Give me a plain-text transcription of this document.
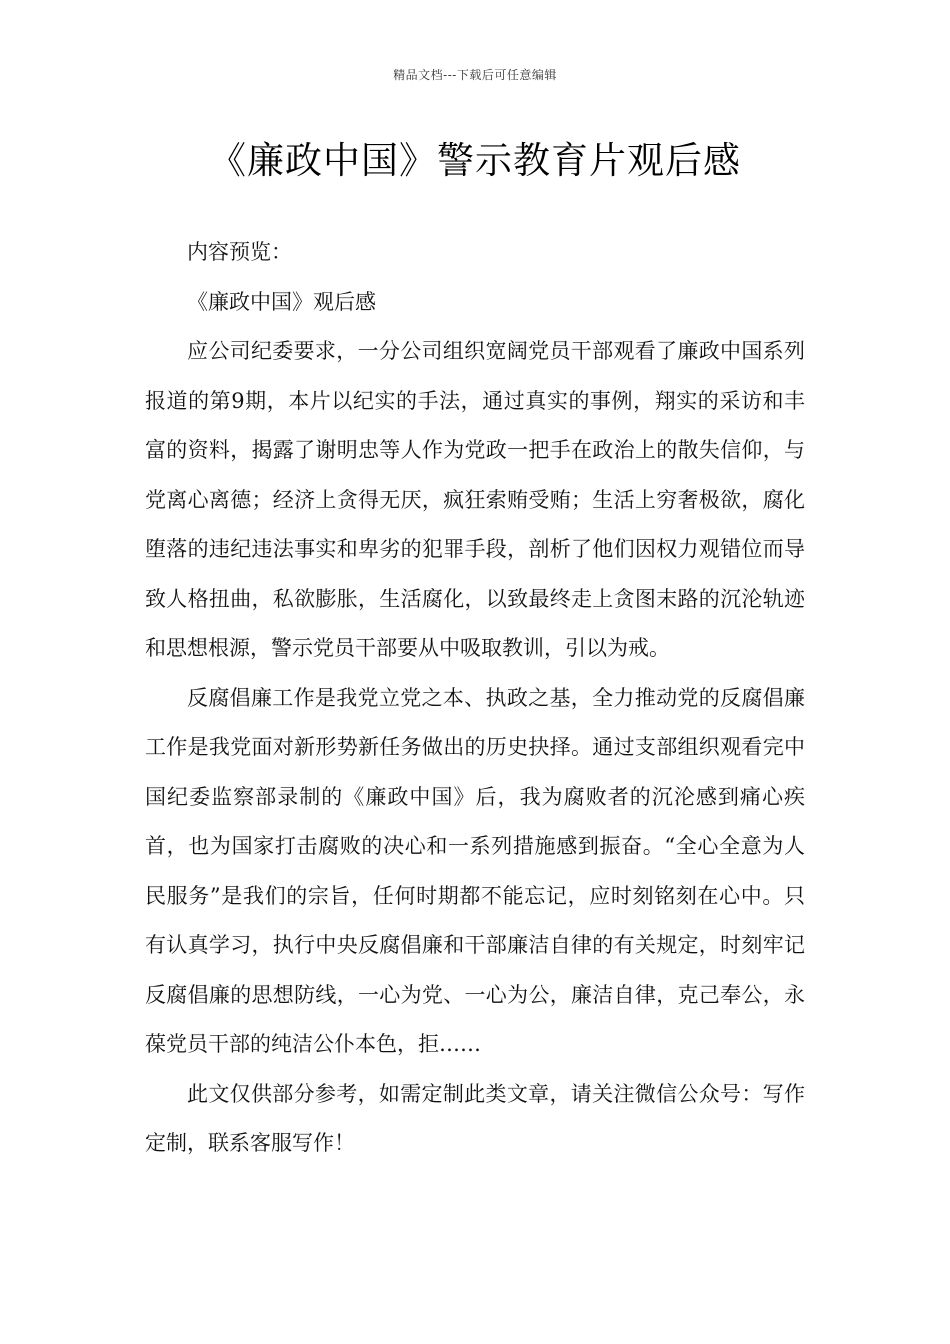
精品文档---下载后可任意编辑
《廉政中国》警示教育片观后感

内容预览：

《廉政中国》观后感

应公司纪委要求，一分公司组织宽阔党员干部观看了廉政中国系列报道的第9期，本片以纪实的手法，通过真实的事例，翔实的采访和丰富的资料，揭露了谢明忠等人作为党政一把手在政治上的散失信仰，与党离心离德；经济上贪得无厌，疯狂索贿受贿；生活上穷奢极欲，腐化堕落的违纪违法事实和卑劣的犯罪手段，剖析了他们因权力观错位而导致人格扭曲，私欲膨胀，生活腐化，以致最终走上贪图末路的沉沦轨迹和思想根源，警示党员干部要从中吸取教训，引以为戒。

反腐倡廉工作是我党立党之本、执政之基，全力推动党的反腐倡廉工作是我党面对新形势新任务做出的历史抉择。通过支部组织观看完中国纪委监察部录制的《廉政中国》后，我为腐败者的沉沦感到痛心疾首，也为国家打击腐败的决心和一系列措施感到振奋。“全心全意为人民服务”是我们的宗旨，任何时期都不能忘记，应时刻铭刻在心中。只有认真学习，执行中央反腐倡廉和干部廉洁自律的有关规定，时刻牢记反腐倡廉的思想防线，一心为党、一心为公，廉洁自律，克己奉公，永葆党员干部的纯洁公仆本色，拒……

此文仅供部分参考，如需定制此类文章，请关注微信公众号：写作定制，联系客服写作！
